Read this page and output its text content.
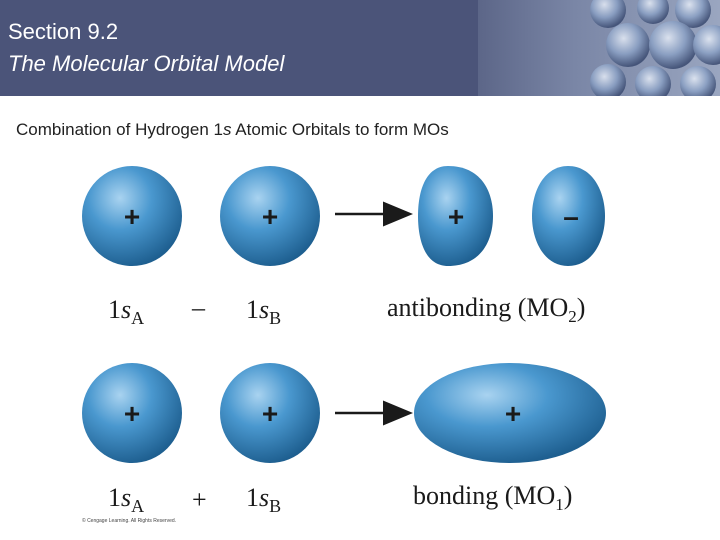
Section 9.2
The Molecular Orbital Model
Combination of Hydrogen 1s Atomic Orbitals to form MOs
+	+	+	–
$1s_A - 1s_B$	antibonding $(MO_2)$
+	+	+
$1s_A + 1s_B$	bonding $(MO_1)$
© Cengage Learning. All Rights Reserved.
